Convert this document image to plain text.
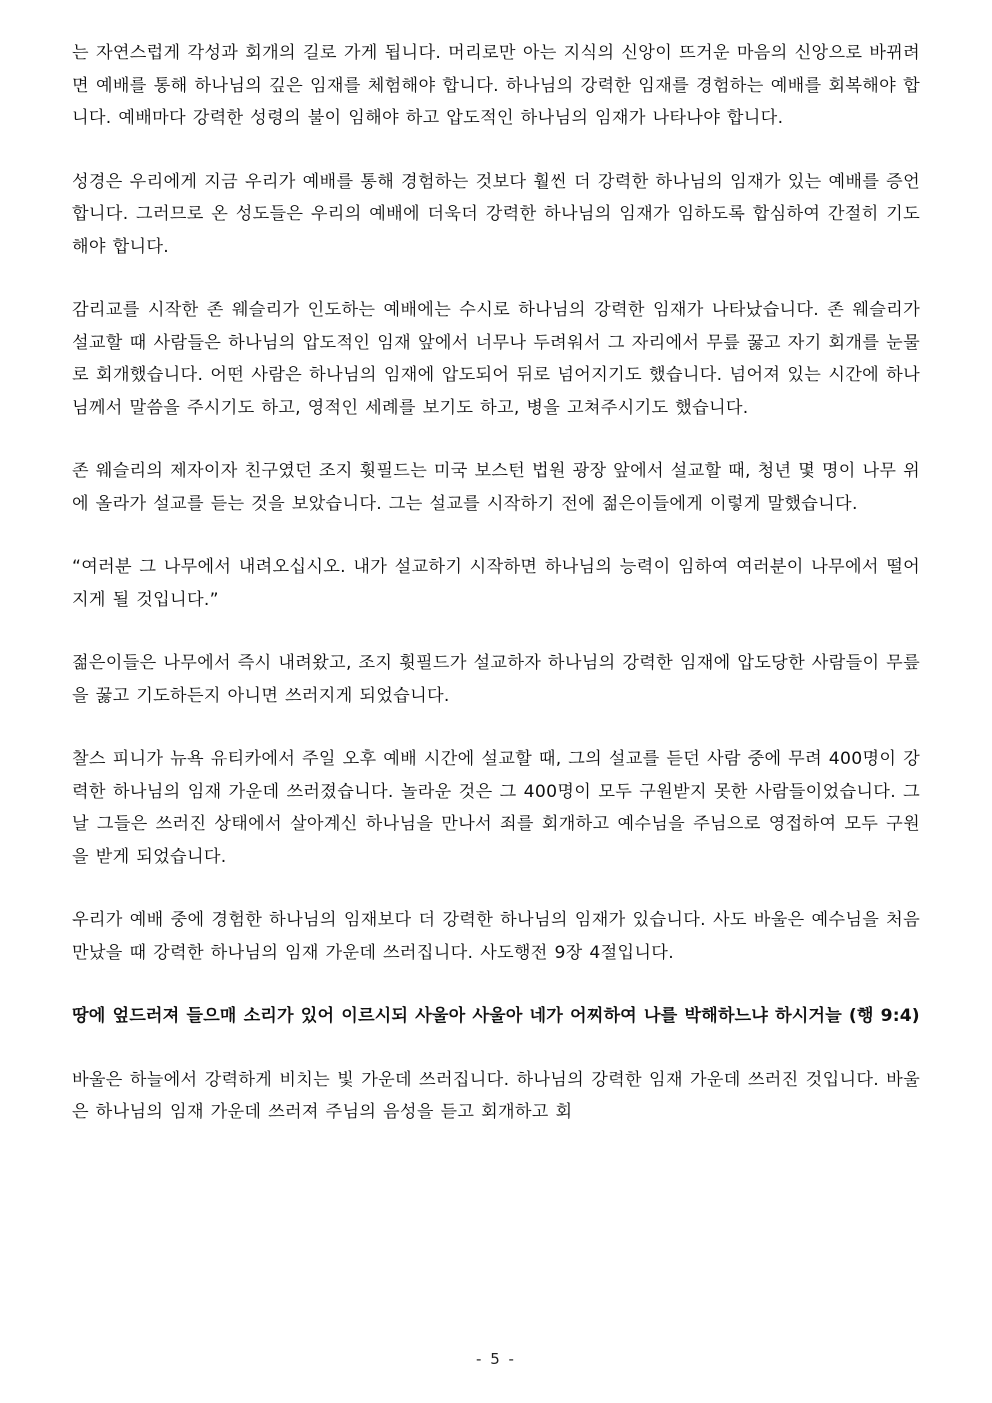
는 자연스럽게 각성과 회개의 길로 가게 됩니다. 머리로만 아는 지식의 신앙이 뜨거운 마음의 신앙으로 바뀌려면 예배를 통해 하나님의 깊은 임재를 체험해야 합니다. 하나님의 강력한 임재를 경험하는 예배를 회복해야 합니다. 예배마다 강력한 성령의 불이 임해야 하고 압도적인 하나님의 임재가 나타나야 합니다.

성경은 우리에게 지금 우리가 예배를 통해 경험하는 것보다 훨씬 더 강력한 하나님의 임재가 있는 예배를 증언합니다. 그러므로 온 성도들은 우리의 예배에 더욱더 강력한 하나님의 임재가 임하도록 합심하여 간절히 기도해야 합니다.

감리교를 시작한 존 웨슬리가 인도하는 예배에는 수시로 하나님의 강력한 임재가 나타났습니다. 존 웨슬리가 설교할 때 사람들은 하나님의 압도적인 임재 앞에서 너무나 두려워서 그 자리에서 무릎 꿇고 자기 회개를 눈물로 회개했습니다. 어떤 사람은 하나님의 임재에 압도되어 뒤로 넘어지기도 했습니다. 넘어져 있는 시간에 하나님께서 말씀을 주시기도 하고, 영적인 세례를 보기도 하고, 병을 고쳐주시기도 했습니다.

존 웨슬리의 제자이자 친구였던 조지 휫필드는 미국 보스턴 법원 광장 앞에서 설교할 때, 청년 몇 명이 나무 위에 올라가 설교를 듣는 것을 보았습니다. 그는 설교를 시작하기 전에 젊은이들에게 이렇게 말했습니다.

“여러분 그 나무에서 내려오십시오. 내가 설교하기 시작하면 하나님의 능력이 임하여 여러분이 나무에서 떨어지게 될 것입니다.”

젊은이들은 나무에서 즉시 내려왔고, 조지 휫필드가 설교하자 하나님의 강력한 임재에 압도당한 사람들이 무릎을 꿇고 기도하든지 아니면 쓰러지게 되었습니다.

찰스 피니가 뉴욕 유티카에서 주일 오후 예배 시간에 설교할 때, 그의 설교를 듣던 사람 중에 무려 400명이 강력한 하나님의 임재 가운데 쓰러졌습니다. 놀라운 것은 그 400명이 모두 구원받지 못한 사람들이었습니다. 그날 그들은 쓰러진 상태에서 살아계신 하나님을 만나서 죄를 회개하고 예수님을 주님으로 영접하여 모두 구원을 받게 되었습니다.

우리가 예배 중에 경험한 하나님의 임재보다 더 강력한 하나님의 임재가 있습니다. 사도 바울은 예수님을 처음 만났을 때 강력한 하나님의 임재 가운데 쓰러집니다. 사도행전 9장 4절입니다.

땅에 엎드러져 들으매 소리가 있어 이르시되 사울아 사울아 네가 어찌하여 나를 박해하느냐 하시거늘 (행 9:4)

바울은 하늘에서 강력하게 비치는 빛 가운데 쓰러집니다. 하나님의 강력한 임재 가운데 쓰러진 것입니다. 바울은 하나님의 임재 가운데 쓰러져 주님의 음성을 듣고 회개하고 회

- 5 -
